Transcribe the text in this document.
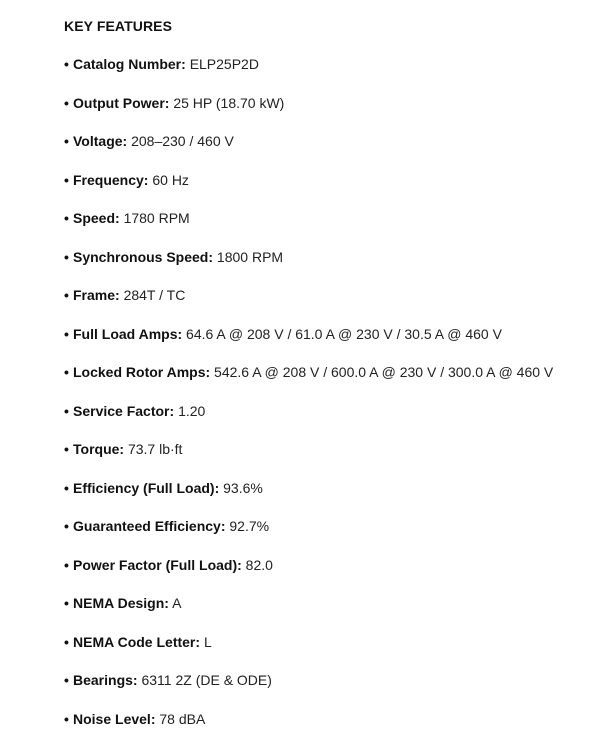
KEY FEATURES
• Catalog Number: ELP25P2D
• Output Power: 25 HP (18.70 kW)
• Voltage: 208–230 / 460 V
• Frequency: 60 Hz
• Speed: 1780 RPM
• Synchronous Speed: 1800 RPM
• Frame: 284T / TC
• Full Load Amps: 64.6 A @ 208 V / 61.0 A @ 230 V / 30.5 A @ 460 V
• Locked Rotor Amps: 542.6 A @ 208 V / 600.0 A @ 230 V / 300.0 A @ 460 V
• Service Factor: 1.20
• Torque: 73.7 lb·ft
• Efficiency (Full Load): 93.6%
• Guaranteed Efficiency: 92.7%
• Power Factor (Full Load): 82.0
• NEMA Design: A
• NEMA Code Letter: L
• Bearings: 6311 2Z (DE & ODE)
• Noise Level: 78 dBA
